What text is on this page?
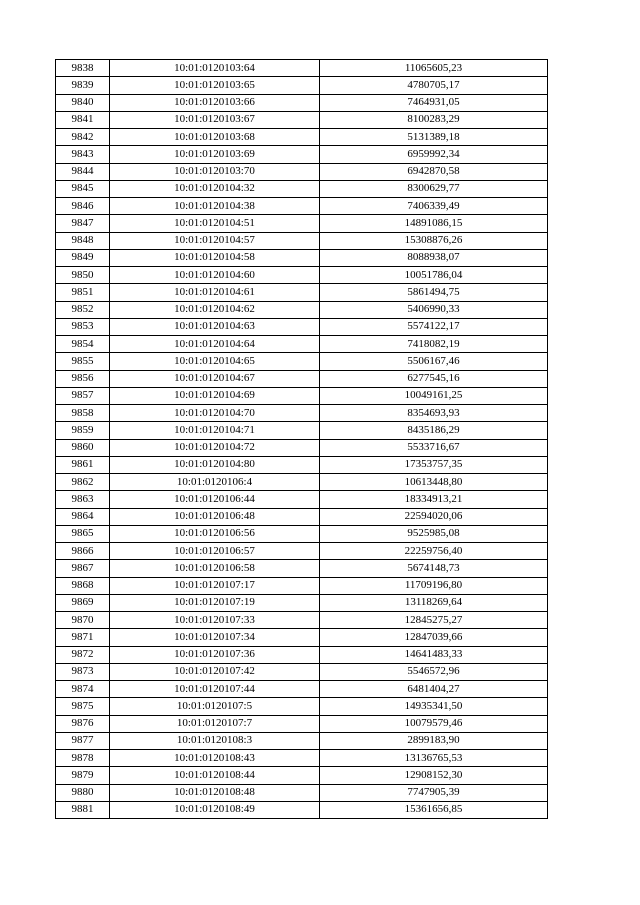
9838	10:01:0120103:64	11065605,23
9839	10:01:0120103:65	4780705,17
9840	10:01:0120103:66	7464931,05
9841	10:01:0120103:67	8100283,29
9842	10:01:0120103:68	5131389,18
9843	10:01:0120103:69	6959992,34
9844	10:01:0120103:70	6942870,58
9845	10:01:0120104:32	8300629,77
9846	10:01:0120104:38	7406339,49
9847	10:01:0120104:51	14891086,15
9848	10:01:0120104:57	15308876,26
9849	10:01:0120104:58	8088938,07
9850	10:01:0120104:60	10051786,04
9851	10:01:0120104:61	5861494,75
9852	10:01:0120104:62	5406990,33
9853	10:01:0120104:63	5574122,17
9854	10:01:0120104:64	7418082,19
9855	10:01:0120104:65	5506167,46
9856	10:01:0120104:67	6277545,16
9857	10:01:0120104:69	10049161,25
9858	10:01:0120104:70	8354693,93
9859	10:01:0120104:71	8435186,29
9860	10:01:0120104:72	5533716,67
9861	10:01:0120104:80	17353757,35
9862	10:01:0120106:4	10613448,80
9863	10:01:0120106:44	18334913,21
9864	10:01:0120106:48	22594020,06
9865	10:01:0120106:56	9525985,08
9866	10:01:0120106:57	22259756,40
9867	10:01:0120106:58	5674148,73
9868	10:01:0120107:17	11709196,80
9869	10:01:0120107:19	13118269,64
9870	10:01:0120107:33	12845275,27
9871	10:01:0120107:34	12847039,66
9872	10:01:0120107:36	14641483,33
9873	10:01:0120107:42	5546572,96
9874	10:01:0120107:44	6481404,27
9875	10:01:0120107:5	14935341,50
9876	10:01:0120107:7	10079579,46
9877	10:01:0120108:3	2899183,90
9878	10:01:0120108:43	13136765,53
9879	10:01:0120108:44	12908152,30
9880	10:01:0120108:48	7747905,39
9881	10:01:0120108:49	15361656,85
